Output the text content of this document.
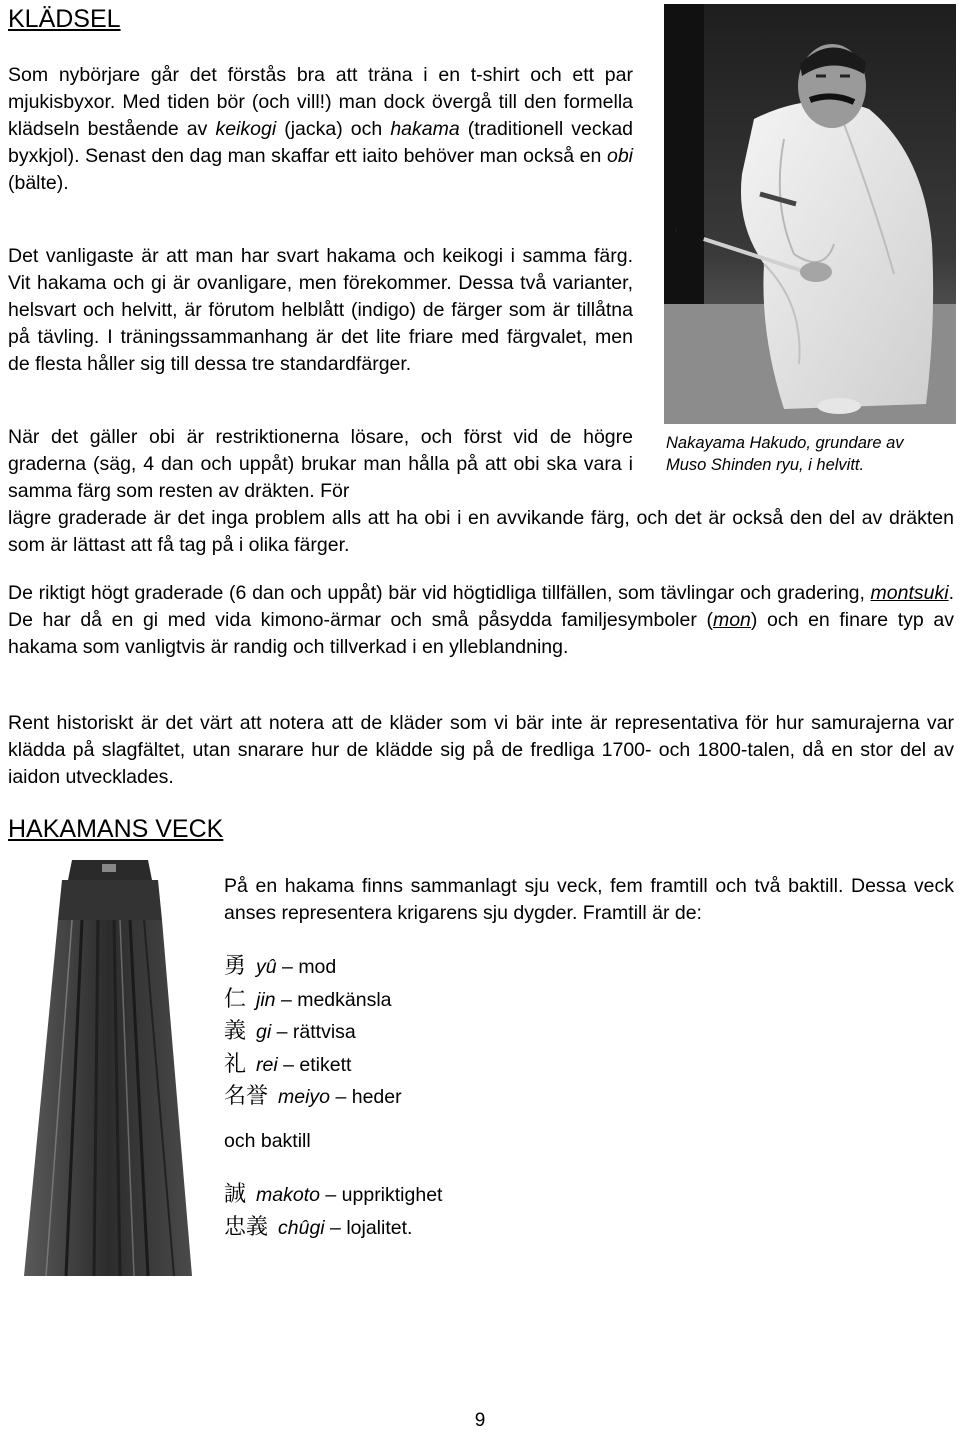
KLÄDSEL

Som nybörjare går det förstås bra att träna i en t-shirt och ett par mjukisbyxor. Med tiden bör (och vill!) man dock övergå till den formella klädseln bestående av keikogi (jacka) och hakama (traditionell veckad byxkjol). Senast den dag man skaffar ett iaito behöver man också en obi (bälte).

Det vanligaste är att man har svart hakama och keikogi i samma färg. Vit hakama och gi är ovanligare, men förekommer. Dessa två varianter, helsvart och helvitt, är förutom helblått (indigo) de färger som är tillåtna på tävling. I träningssammanhang är det lite friare med färgvalet, men de flesta håller sig till dessa tre standardfärger.

När det gäller obi är restriktionerna lösare, och först vid de högre graderna (säg, 4 dan och uppåt) brukar man hålla på att obi ska vara i samma färg som resten av dräkten. För

lägre graderade är det inga problem alls att ha obi i en avvikande färg, och det är också den del av dräkten som är lättast att få tag på i olika färger.

Nakayama Hakudo, grundare av
Muso Shinden ryu, i helvitt.

De riktigt högt graderade (6 dan och uppåt) bär vid högtidliga tillfällen, som tävlingar och gradering, montsuki. De har då en gi med vida kimono-ärmar och små påsydda familjesymboler (mon) och en finare typ av hakama som vanligtvis är randig och tillverkad i en ylleblandning.

Rent historiskt är det värt att notera att de kläder som vi bär inte är representativa för hur samurajerna var klädda på slagfältet, utan snarare hur de klädde sig på de fredliga 1700- och 1800-talen, då en stor del av iaidon utvecklades.

HAKAMANS VECK

På en hakama finns sammanlagt sju veck, fem framtill och två baktill. Dessa veck anses representera krigarens sju dygder. Framtill är de:

勇 yû – mod
仁 jin – medkänsla
義 gi – rättvisa
礼 rei – etikett
名誉 meiyo – heder

och baktill

誠 makoto – uppriktighet
忠義 chûgi – lojalitet.
9
